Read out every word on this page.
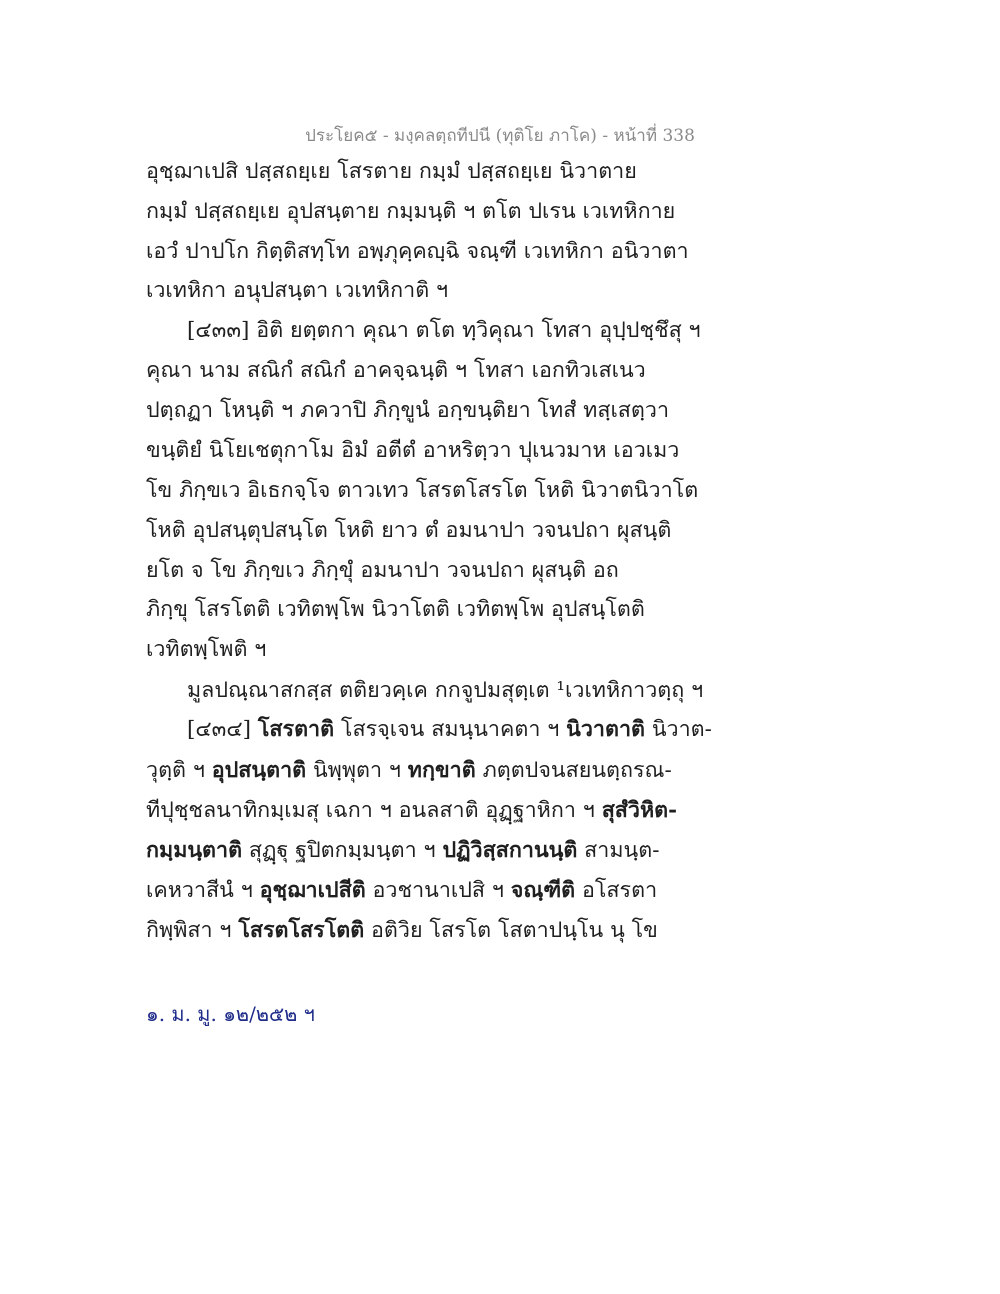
ประโยค๕ - มงฺคลตฺถทีปนี (ทุติโย ภาโค) - หน้าที่ 338
อุชฺฌาเปสิ ปสฺสถยฺเย โสรตาย กมฺมํ ปสฺสถยฺเย นิวาตาย
กมฺมํ ปสฺสถยฺเย อุปสนฺตาย กมฺมนฺติ ฯ ตโต ปเรน เวเทหิกาย
เอวํ ปาปโก กิตฺติสทฺโท อพฺภุคฺคญฺฉิ จณฺฑี เวเทหิกา อนิวาตา
เวเทหิกา อนุปสนฺตา เวเทหิกาติ ฯ
[๔๓๓] อิติ ยตฺตกา คุณา ตโต ทฺวิคุณา โทสา อุปฺปชฺชึสุ ฯ
คุณา นาม สณิกํ สณิกํ อาคจฺฉนฺติ ฯ โทสา เอกทิวเสเนว
ปตฺถฏา โหนฺติ ฯ ภควาปิ ภิกฺขูนํ อกฺขนฺติยา โทสํ ทสฺเสตฺวา
ขนฺติยํ นิโยเชตุกาโม อิมํ อตีตํ อาหริตฺวา ปุเนวมาห เอวเมว
โข ภิกฺขเว อิเธกจฺโจ ตาวเทว โสรตโสรโต โหติ นิวาตนิวาโต
โหติ อุปสนฺตุปสนฺโต โหติ ยาว ตํ อมนาปา วจนปถา ผุสนฺติ
ยโต จ โข ภิกฺขเว ภิกฺขุํ อมนาปา วจนปถา ผุสนฺติ อถ
ภิกฺขุ โสรโตติ เวทิตพฺโพ นิวาโตติ เวทิตพฺโพ อุปสนฺโตติ
เวทิตพฺโพติ ฯ
มูลปณฺณาสกสฺส ตติยวคฺเค กกจูปมสุตฺเต ¹เวเทหิกาวตฺถุ ฯ
[๔๓๔] โสรตาติ โสรจฺเจน สมนฺนาคตา ฯ นิวาตาติ นิวาต-
วุตฺติ ฯ อุปสนฺตาติ นิพฺพุตา ฯ ทกฺขาติ ภตฺตปจนสยนตฺถรณ-
ทีปุชฺชลนาทิกมฺเมสุ เฉกา ฯ อนลสาติ อุฏฺฐาหิกา ฯ สุสํวิหิต-
กมฺมนฺตาติ สุฏฺฐุ ฐปิตกมฺมนฺตา ฯ ปฏิวิสฺสกานนฺติ สามนฺต-
เคหวาสีนํ ฯ อุชฺฌาเปสีติ อวชานาเปสิ ฯ จณฺฑีติ อโสรตา
กิพฺพิสา ฯ โสรตโสรโตติ อติวิย โสรโต โสตาปนฺโน นุ โข
๑. ม. มู. ๑๒/๒๕๒ ฯ
